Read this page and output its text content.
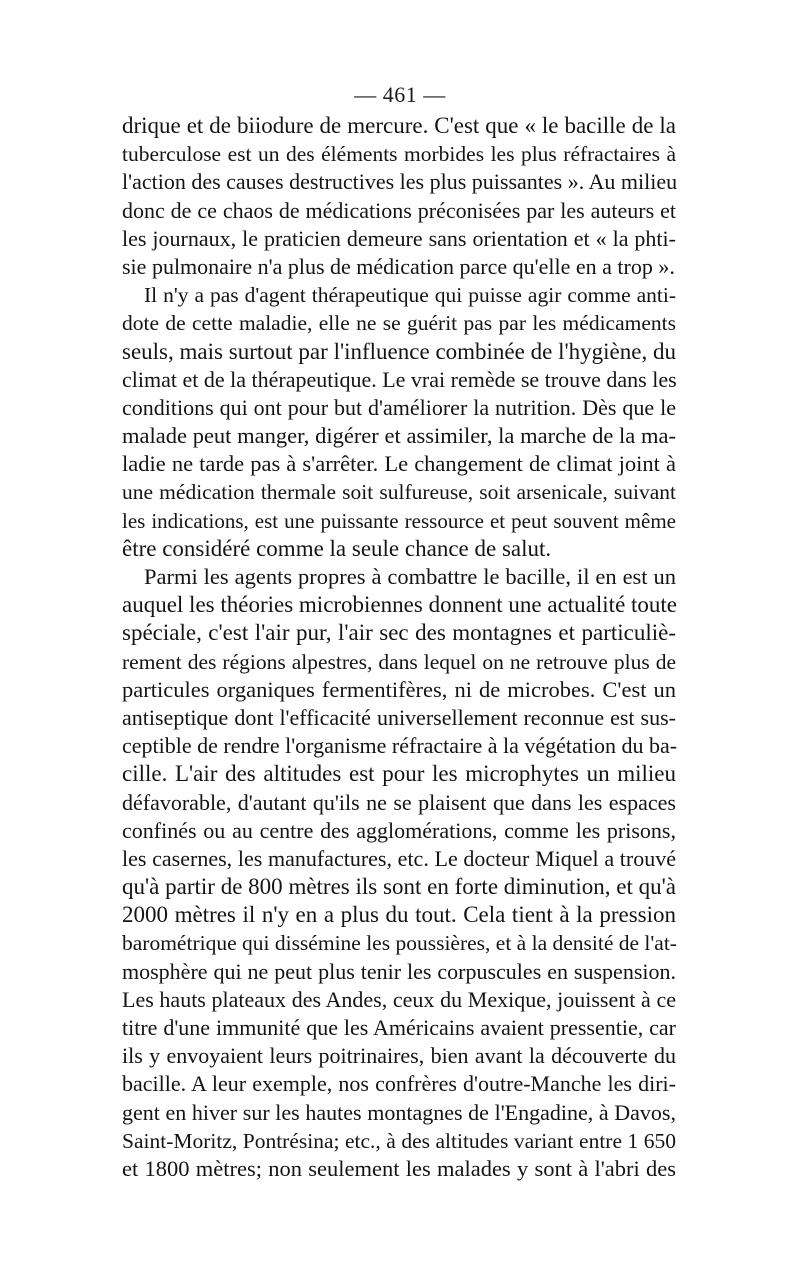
— 461 —
drique et de biiodure de mercure. C'est que « le bacille de la
tuberculose est un des éléments morbides les plus réfractaires à
l'action des causes destructives les plus puissantes ». Au milieu
donc de ce chaos de médications préconisées par les auteurs et
les journaux, le praticien demeure sans orientation et « la phti-
sie pulmonaire n'a plus de médication parce qu'elle en a trop ».
Il n'y a pas d'agent thérapeutique qui puisse agir comme anti-
dote de cette maladie, elle ne se guérit pas par les médicaments
seuls, mais surtout par l'influence combinée de l'hygiène, du
climat et de la thérapeutique. Le vrai remède se trouve dans les
conditions qui ont pour but d'améliorer la nutrition. Dès que le
malade peut manger, digérer et assimiler, la marche de la ma-
ladie ne tarde pas à s'arrêter. Le changement de climat joint à
une médication thermale soit sulfureuse, soit arsenicale, suivant
les indications, est une puissante ressource et peut souvent même
être considéré comme la seule chance de salut.
Parmi les agents propres à combattre le bacille, il en est un
auquel les théories microbiennes donnent une actualité toute
spéciale, c'est l'air pur, l'air sec des montagnes et particuliè-
rement des régions alpestres, dans lequel on ne retrouve plus de
particules organiques fermentifères, ni de microbes. C'est un
antiseptique dont l'efficacité universellement reconnue est sus-
ceptible de rendre l'organisme réfractaire à la végétation du ba-
cille. L'air des altitudes est pour les microphytes un milieu
défavorable, d'autant qu'ils ne se plaisent que dans les espaces
confinés ou au centre des agglomérations, comme les prisons,
les casernes, les manufactures, etc. Le docteur Miquel a trouvé
qu'à partir de 800 mètres ils sont en forte diminution, et qu'à
2000 mètres il n'y en a plus du tout. Cela tient à la pression
barométrique qui dissémine les poussières, et à la densité de l'at-
mosphère qui ne peut plus tenir les corpuscules en suspension.
Les hauts plateaux des Andes, ceux du Mexique, jouissent à ce
titre d'une immunité que les Américains avaient pressentie, car
ils y envoyaient leurs poitrinaires, bien avant la découverte du
bacille. A leur exemple, nos confrères d'outre-Manche les diri-
gent en hiver sur les hautes montagnes de l'Engadine, à Davos,
Saint-Moritz, Pontrésina; etc., à des altitudes variant entre 1 650
et 1800 mètres; non seulement les malades y sont à l'abri des
